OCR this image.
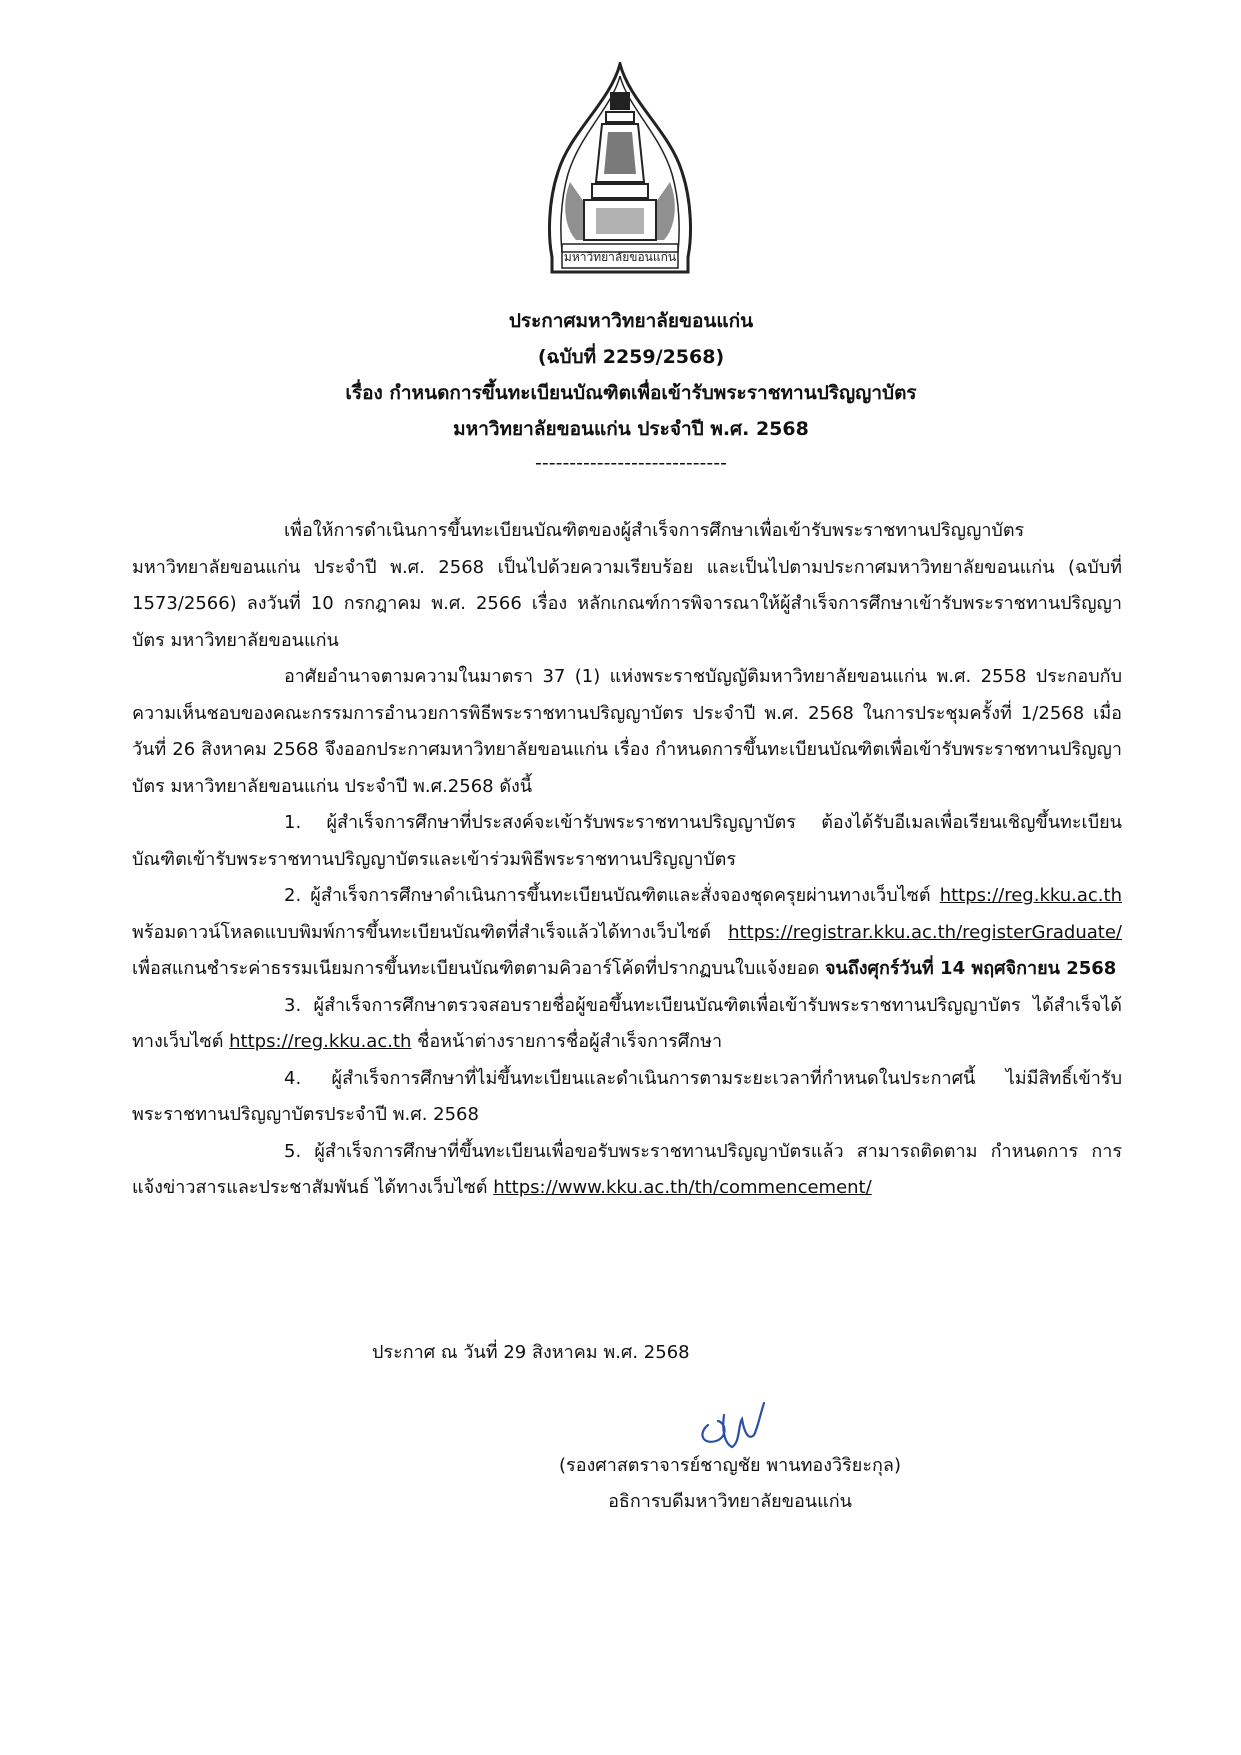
มหาวิทยาลัยขอนแก่น
ประกาศมหาวิทยาลัยขอนแก่น
(ฉบับที่ 2259/2568)
เรื่อง กำหนดการขึ้นทะเบียนบัณฑิตเพื่อเข้ารับพระราชทานปริญญาบัตร
มหาวิทยาลัยขอนแก่น ประจำปี พ.ศ. 2568
----------------------------

เพื่อให้การดำเนินการขึ้นทะเบียนบัณฑิตของผู้สำเร็จการศึกษาเพื่อเข้ารับพระราชทานปริญญาบัตร มหาวิทยาลัยขอนแก่น ประจำปี พ.ศ. 2568 เป็นไปด้วยความเรียบร้อย และเป็นไปตามประกาศมหาวิทยาลัยขอนแก่น (ฉบับที่ 1573/2566) ลงวันที่ 10 กรกฎาคม พ.ศ. 2566 เรื่อง หลักเกณฑ์การพิจารณาให้ผู้สำเร็จการศึกษาเข้ารับพระราชทานปริญญาบัตร มหาวิทยาลัยขอนแก่น

อาศัยอำนาจตามความในมาตรา 37 (1) แห่งพระราชบัญญัติมหาวิทยาลัยขอนแก่น พ.ศ. 2558 ประกอบกับความเห็นชอบของคณะกรรมการอำนวยการพิธีพระราชทานปริญญาบัตร ประจำปี พ.ศ. 2568 ในการประชุมครั้งที่ 1/2568 เมื่อวันที่ 26 สิงหาคม 2568 จึงออกประกาศมหาวิทยาลัยขอนแก่น เรื่อง กำหนดการขึ้นทะเบียนบัณฑิตเพื่อเข้ารับพระราชทานปริญญาบัตร มหาวิทยาลัยขอนแก่น ประจำปี พ.ศ.2568 ดังนี้

1. ผู้สำเร็จการศึกษาที่ประสงค์จะเข้ารับพระราชทานปริญญาบัตร ต้องได้รับอีเมลเพื่อเรียนเชิญขึ้นทะเบียนบัณฑิตเข้ารับพระราชทานปริญญาบัตรและเข้าร่วมพิธีพระราชทานปริญญาบัตร

2. ผู้สำเร็จการศึกษาดำเนินการขึ้นทะเบียนบัณฑิตและสั่งจองชุดครุยผ่านทางเว็บไซต์ https://reg.kku.ac.th พร้อมดาวน์โหลดแบบพิมพ์การขึ้นทะเบียนบัณฑิตที่สำเร็จแล้วได้ทางเว็บไซต์ https://registrar.kku.ac.th/registerGraduate/ เพื่อสแกนชำระค่าธรรมเนียมการขึ้นทะเบียนบัณฑิตตามคิวอาร์โค้ดที่ปรากฏบนใบแจ้งยอด จนถึงศุกร์วันที่ 14 พฤศจิกายน 2568

3. ผู้สำเร็จการศึกษาตรวจสอบรายชื่อผู้ขอขึ้นทะเบียนบัณฑิตเพื่อเข้ารับพระราชทานปริญญาบัตร ได้สำเร็จได้ทางเว็บไซต์ https://reg.kku.ac.th ชื่อหน้าต่างรายการชื่อผู้สำเร็จการศึกษา

4. ผู้สำเร็จการศึกษาที่ไม่ขึ้นทะเบียนและดำเนินการตามระยะเวลาที่กำหนดในประกาศนี้ ไม่มีสิทธิ์เข้ารับพระราชทานปริญญาบัตรประจำปี พ.ศ. 2568

5. ผู้สำเร็จการศึกษาที่ขึ้นทะเบียนเพื่อขอรับพระราชทานปริญญาบัตรแล้ว สามารถติดตาม กำหนดการ การแจ้งข่าวสารและประชาสัมพันธ์ ได้ทางเว็บไซต์ https://www.kku.ac.th/th/commencement/

ประกาศ ณ วันที่ 29 สิงหาคม พ.ศ. 2568
(รองศาสตราจารย์ชาญชัย พานทองวิริยะกุล)
อธิการบดีมหาวิทยาลัยขอนแก่น
